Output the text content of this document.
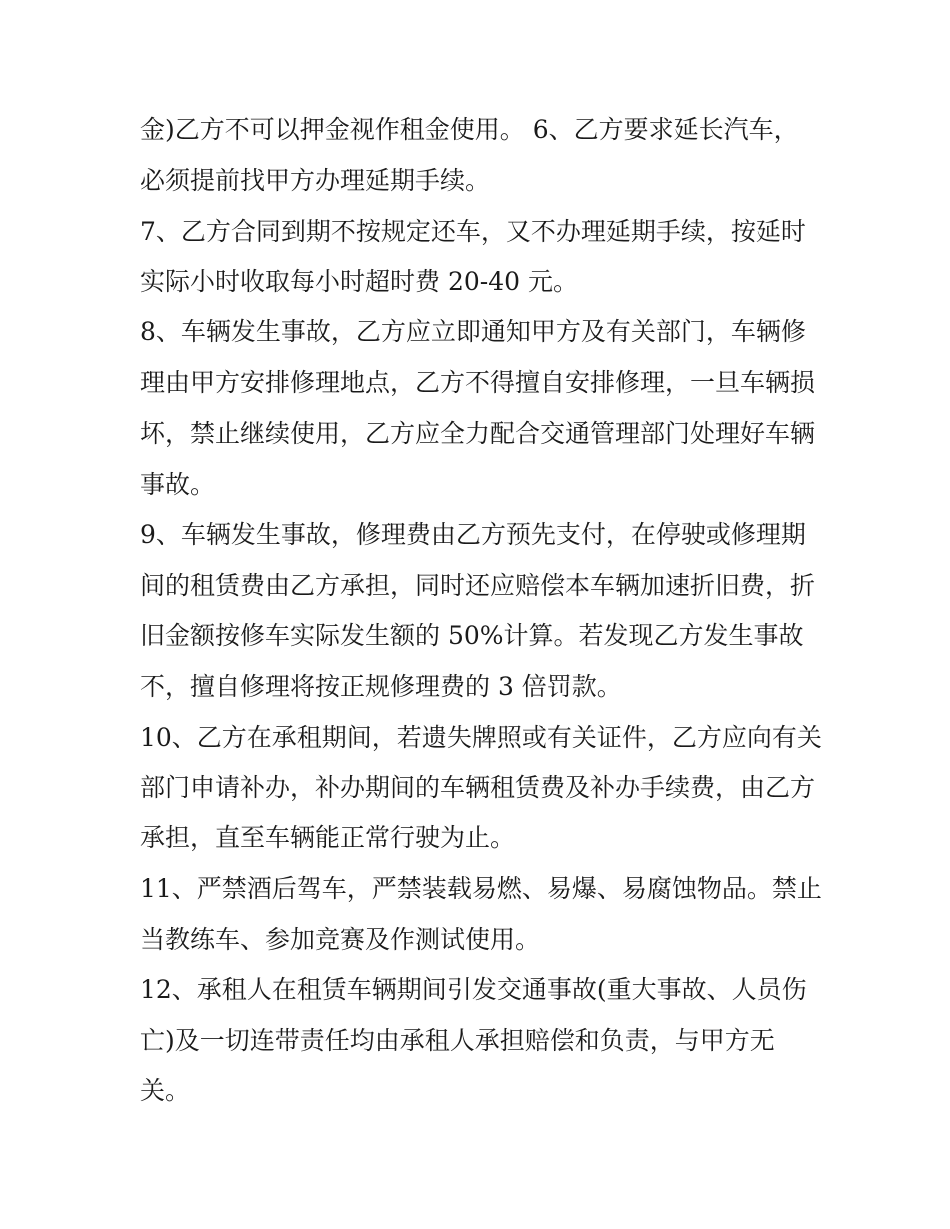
金)乙方不可以押金视作租金使用。 6、乙方要求延长汽车，
必须提前找甲方办理延期手续。
7、乙方合同到期不按规定还车，又不办理延期手续，按延时
实际小时收取每小时超时费 20-40 元。
8、车辆发生事故，乙方应立即通知甲方及有关部门，车辆修
理由甲方安排修理地点，乙方不得擅自安排修理，一旦车辆损
坏，禁止继续使用，乙方应全力配合交通管理部门处理好车辆
事故。
9、车辆发生事故，修理费由乙方预先支付，在停驶或修理期
间的租赁费由乙方承担，同时还应赔偿本车辆加速折旧费，折
旧金额按修车实际发生额的 50%计算。若发现乙方发生事故
不，擅自修理将按正规修理费的 3 倍罚款。
10、乙方在承租期间，若遗失牌照或有关证件，乙方应向有关
部门申请补办，补办期间的车辆租赁费及补办手续费，由乙方
承担，直至车辆能正常行驶为止。
11、严禁酒后驾车，严禁装载易燃、易爆、易腐蚀物品。禁止
当教练车、参加竞赛及作测试使用。
12、承租人在租赁车辆期间引发交通事故(重大事故、人员伤
亡)及一切连带责任均由承租人承担赔偿和负责，与甲方无
关。
